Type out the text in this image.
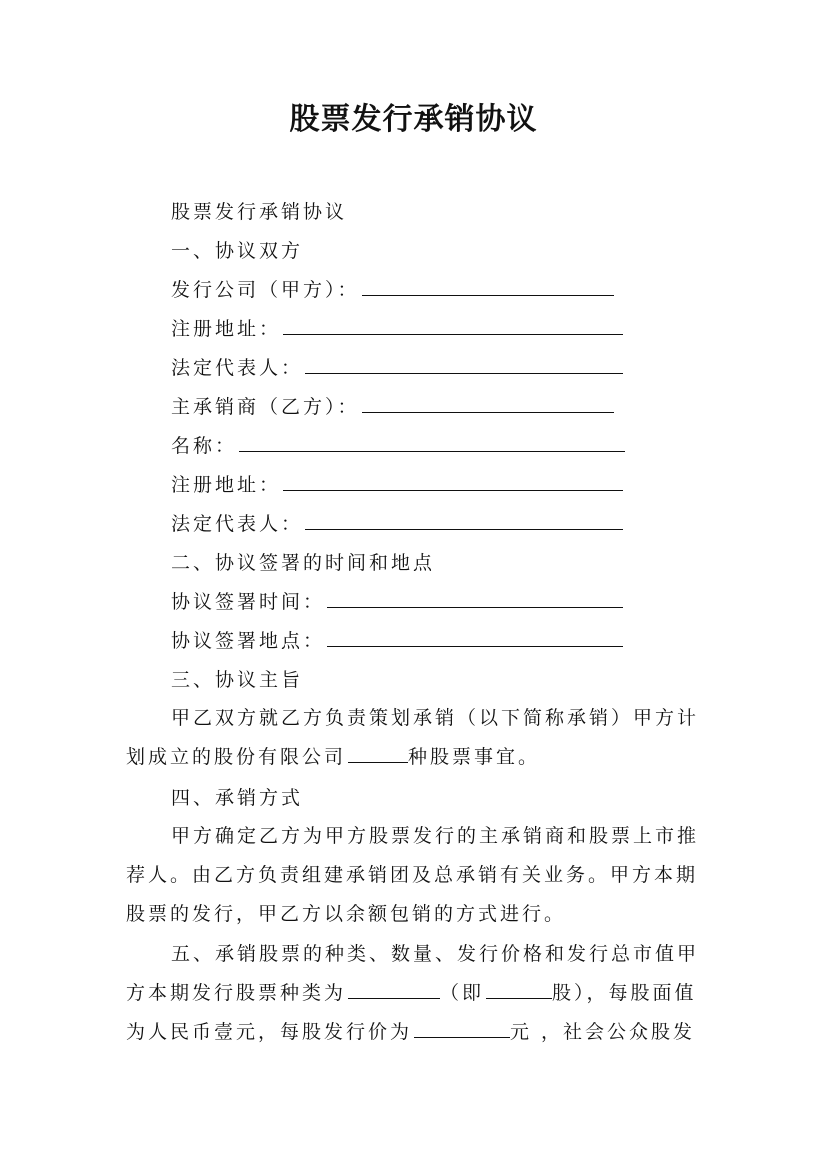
股票发行承销协议
股票发行承销协议
一、协议双方
发行公司（甲方）：
注册地址：
法定代表人：
主承销商（乙方）：
名称：
注册地址：
法定代表人：
二、协议签署的时间和地点
协议签署时间：
协议签署地点：
三、协议主旨
甲乙双方就乙方负责策划承销（以下简称承销）甲方计划成立的股份有限公司	种股票事宜。
四、承销方式
甲方确定乙方为甲方股票发行的主承销商和股票上市推荐人。由乙方负责组建承销团及总承销有关业务。甲方本期股票的发行，甲乙方以余额包销的方式进行。
五、承销股票的种类、数量、发行价格和发行总市值甲方本期发行股票种类为	（即	股），每股面值为人民币壹元，每股发行价为	元 ，社会公众股发
